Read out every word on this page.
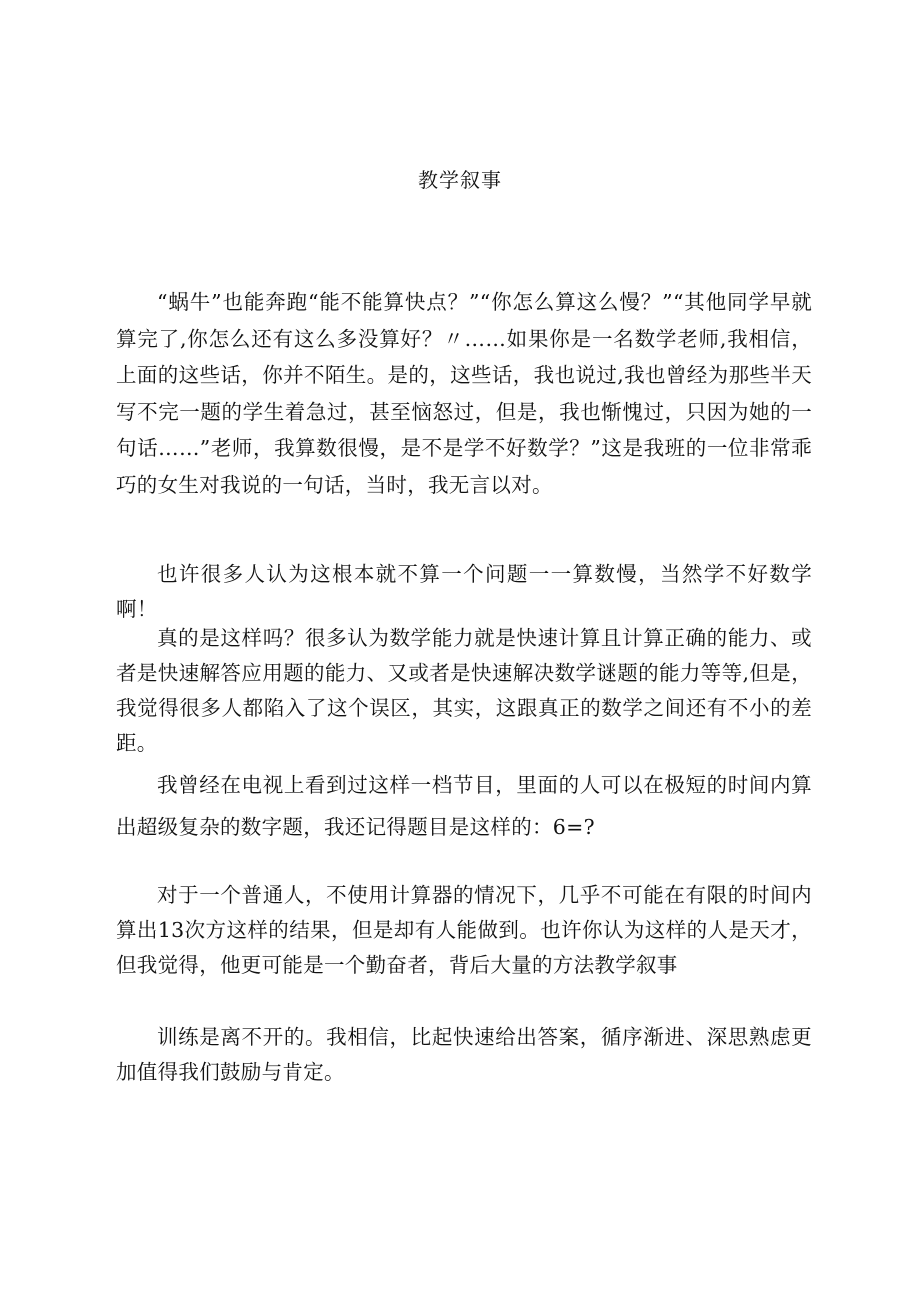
教学叙事

“蜗牛”也能奔跑“能不能算快点？”“你怎么算这么慢？”“其他同学早就算完了,你怎么还有这么多没算好？〃……如果你是一名数学老师,我相信，上面的这些话，你并不陌生。是的，这些话，我也说过,我也曾经为那些半天写不完一题的学生着急过，甚至恼怒过，但是，我也惭愧过，只因为她的一句话……”老师，我算数很慢，是不是学不好数学？”这是我班的一位非常乖巧的女生对我说的一句话，当时，我无言以对。

也许很多人认为这根本就不算一个问题一一算数慢，当然学不好数学啊！

真的是这样吗？很多认为数学能力就是快速计算且计算正确的能力、或者是快速解答应用题的能力、又或者是快速解决数学谜题的能力等等,但是，我觉得很多人都陷入了这个误区，其实，这跟真正的数学之间还有不小的差距。

我曾经在电视上看到过这样一档节目，里面的人可以在极短的时间内算出超级复杂的数字题，我还记得题目是这样的：6=?

对于一个普通人，不使用计算器的情况下，几乎不可能在有限的时间内算出13次方这样的结果，但是却有人能做到。也许你认为这样的人是天才，但我觉得，他更可能是一个勤奋者，背后大量的方法教学叙事

训练是离不开的。我相信，比起快速给出答案，循序渐进、深思熟虑更加值得我们鼓励与肯定。
